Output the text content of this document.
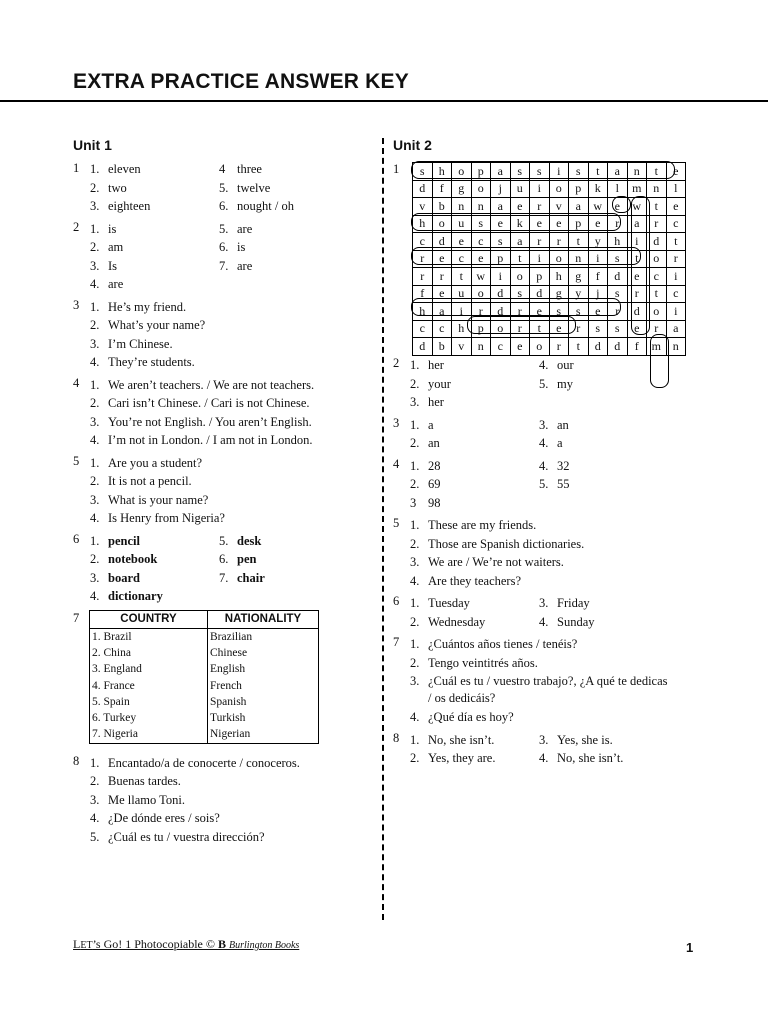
EXTRA PRACTICE ANSWER KEY
Unit 1
1 1. eleven	4 three
2. two	5. twelve
3. eighteen	6. nought / oh
2 1. is	5. are
2. am	6. is
3. Is	7. are
4. are
3 1. He’s my friend.
2. What’s your name?
3. I’m Chinese.
4. They’re students.
4 1. We aren’t teachers. / We are not teachers.
2. Cari isn’t Chinese. / Cari is not Chinese.
3. You’re not English. / You aren’t English.
4. I’m not in London. / I am not in London.
5 1. Are you a student?
2. It is not a pencil.
3. What is your name?
4. Is Henry from Nigeria?
6 1. pencil	5. desk
2. notebook	6. pen
3. board	7. chair
4. dictionary
7	COUNTRY	NATIONALITY
1. Brazil	Brazilian
2. China	Chinese
3. England	English
4. France	French
5. Spain	Spanish
6. Turkey	Turkish
7. Nigeria	Nigerian
8 1. Encantado/a de conocerte / conoceros.
2. Buenas tardes.
3. Me llamo Toni.
4. ¿De dónde eres / sois?
5. ¿Cuál es tu / vuestra dirección?
Unit 2
1 s	h	o	p	a	s	s	i	s	t	a	n	t	e
d	f	g	o	j	u	i	o	p	k	l	m	n	l
v	b	n	n	a	e	r	v	a	w	e	w	t	e
h	o	u	s	e	k	e	e	p	e	r	a	r	c
c	d	e	c	s	a	r	r	t	y	h	i	d	t
r	e	c	e	p	t	i	o	n	i	s	t	o	r
r	r	t	w	i	o	p	h	g	f	d	e	c	i
f	e	u	o	d	s	d	g	y	j	s	r	t	c
h	a	i	r	d	r	e	s	s	e	r	d	o	i
c	c	h	p	o	r	t	e	r	s	s	e	r	a
d	b	v	n	c	e	o	r	t	d	d	f	m	n
2 1. her	4. our
2. your	5. my
3. her
3 1. a	3. an
2. an	4. a
4 1. 28	4. 32
2. 69	5. 55
3 98
5 1. These are my friends.
2. Those are Spanish dictionaries.
3. We are / We’re not waiters.
4. Are they teachers?
6 1. Tuesday	3. Friday
2. Wednesday	4. Sunday
7 1. ¿Cuántos años tienes / tenéis?
2. Tengo veintitrés años.
3. ¿Cuál es tu / vuestro trabajo?, ¿A qué te dedicas / os dedicáis?
4. ¿Qué día es hoy?
8 1. No, she isn’t.	3. Yes, she is.
2. Yes, they are.	4. No, she isn’t.
LET’s Go! 1 Photocopiable © B Burlington Books	1
